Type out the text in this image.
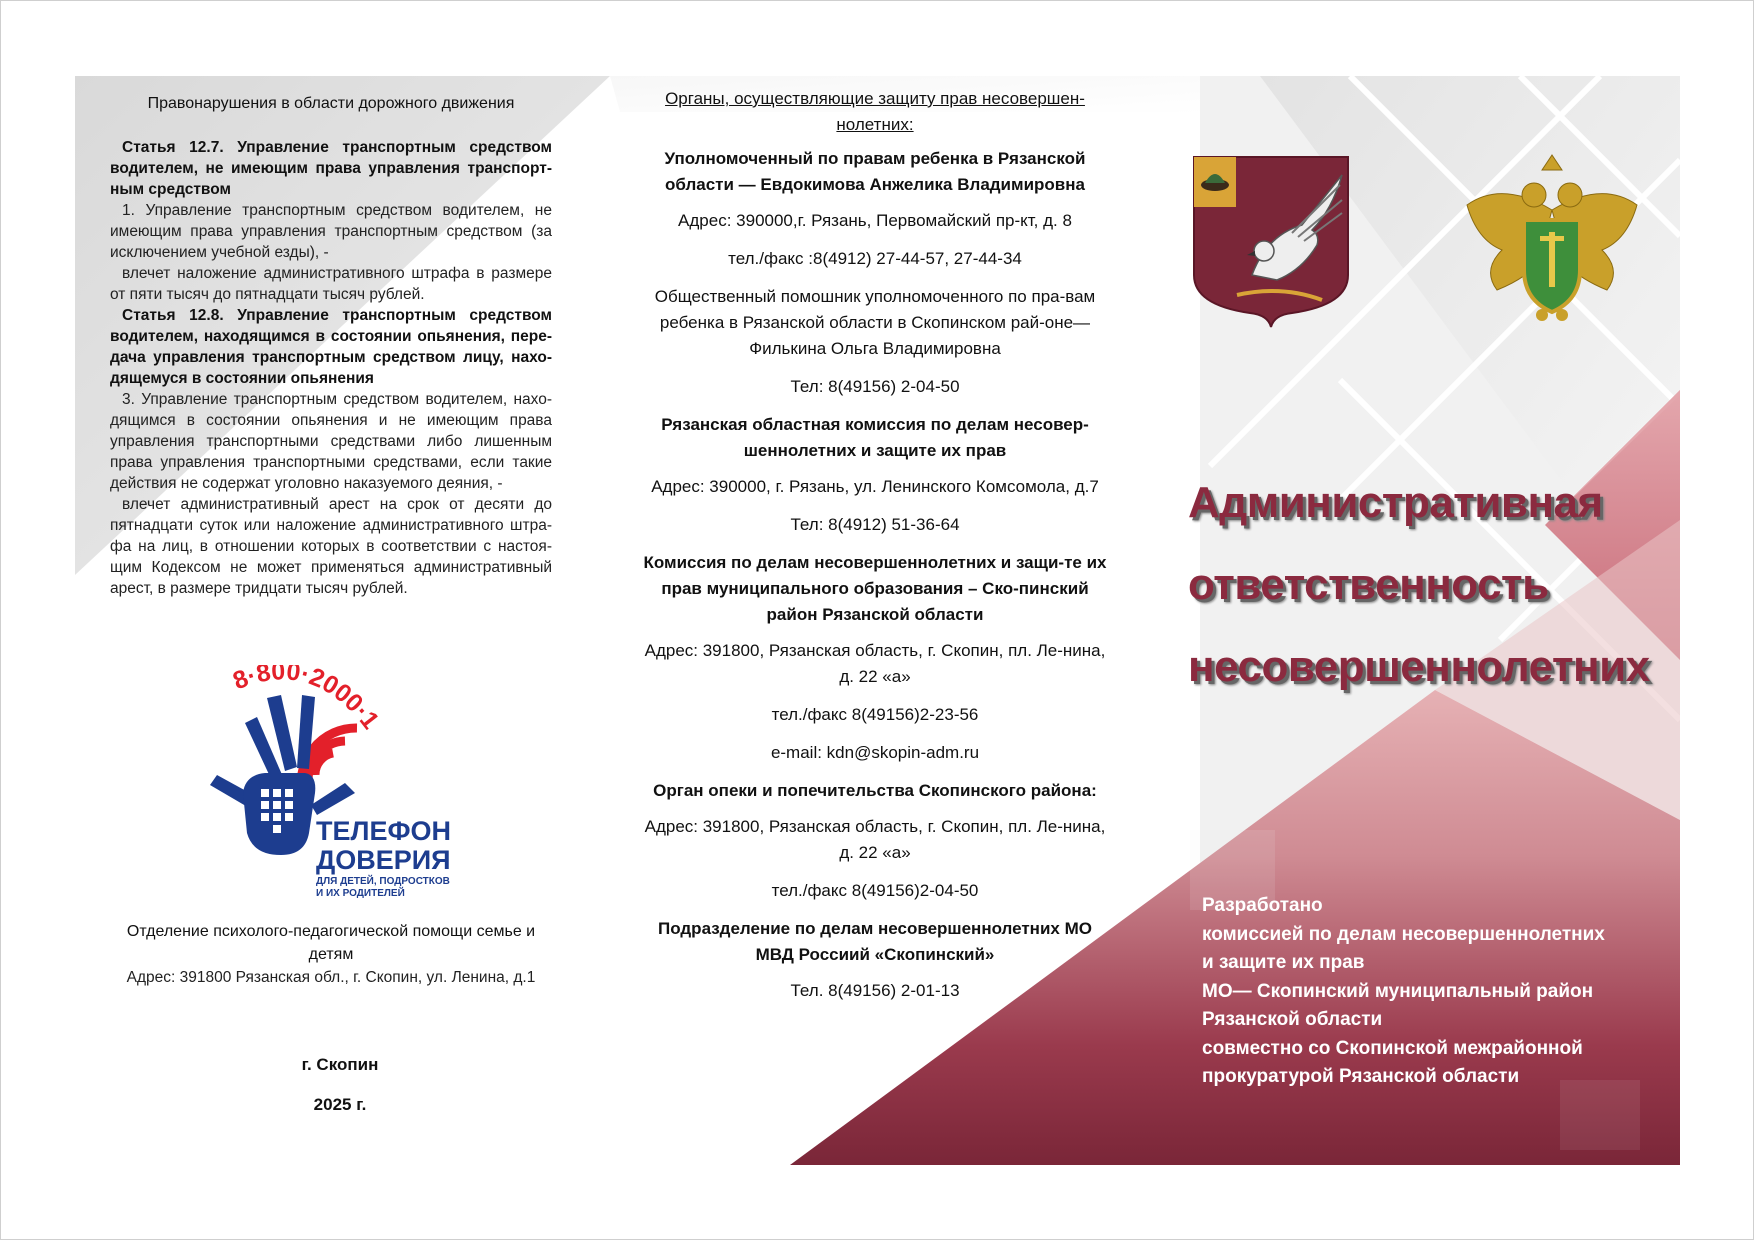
Правонарушения в области дорожного движения

Статья 12.7. Управление транспортным средством водителем, не имеющим права управления транспорт-ным средством

1. Управление транспортным средством водителем, не имеющим права управления транспортным средством (за исключением учебной езды), -

влечет наложение административного штрафа в размере от пяти тысяч до пятнадцати тысяч рублей.

Статья 12.8. Управление транспортным средством водителем, находящимся в состоянии опьянения, пере-дача управления транспортным средством лицу, нахо-дящемуся в состоянии опьянения

3. Управление транспортным средством водителем, нахо-дящимся в состоянии опьянения и не имеющим права управления транспортными средствами либо лишенным права управления транспортными средствами, если такие действия не содержат уголовно наказуемого деяния, -

влечет административный арест на срок от десяти до пятнадцати суток или наложение административного штра-фа на лиц, в отношении которых в соответствии с настоя-щим Кодексом не может применяться административный арест, в размере тридцати тысяч рублей.

8·800·2000·1
ТЕЛЕФОН
ДОВЕРИЯ
ДЛЯ ДЕТЕЙ, ПОДРОСТКОВ
И ИХ РОДИТЕЛЕЙ

Отделение психолого-педагогической помощи семье и детям

Адрес: 391800 Рязанская обл., г. Скопин, ул. Ленина, д.1

г. Скопин
2025 г.

Органы, осуществляющие защиту прав несовершен-нолетних:

Уполномоченный по правам ребенка в Рязанской области — Евдокимова Анжелика Владимировна

Адрес: 390000,г. Рязань, Первомайский пр-кт, д. 8

тел./факс :8(4912) 27-44-57, 27-44-34

Общественный помошник уполномоченного по пра-вам ребенка в Рязанской области в Скопинском рай-оне— Филькина Ольга Владимировна

Тел: 8(49156) 2-04-50

Рязанская областная комиссия по делам несовер-шеннолетних и защите их прав

Адрес: 390000, г. Рязань, ул. Ленинского Комсомола, д.7

Тел: 8(4912) 51-36-64

Комиссия по делам несовершеннолетних и защи-те их прав муниципального образования – Ско-пинский район Рязанской области

Адрес: 391800, Рязанская область, г. Скопин, пл. Ле-нина, д. 22 «а»

тел./факс 8(49156)2-23-56

e-mail: kdn@skopin-adm.ru

Орган опеки и попечительства Скопинского района:

Адрес: 391800, Рязанская область, г. Скопин, пл. Ле-нина, д. 22 «а»

тел./факс 8(49156)2-04-50

Подразделение по делам несовершеннолетних МО МВД Россиий «Скопинский»

Тел. 8(49156) 2-01-13

Административная
ответственность
несовершеннолетних

Разработано

комиссией по делам несовершеннолетних

и защите их прав

МО— Скопинский муниципальный район

Рязанской области

совместно со Скопинской межрайонной

прокуратурой Рязанской области
